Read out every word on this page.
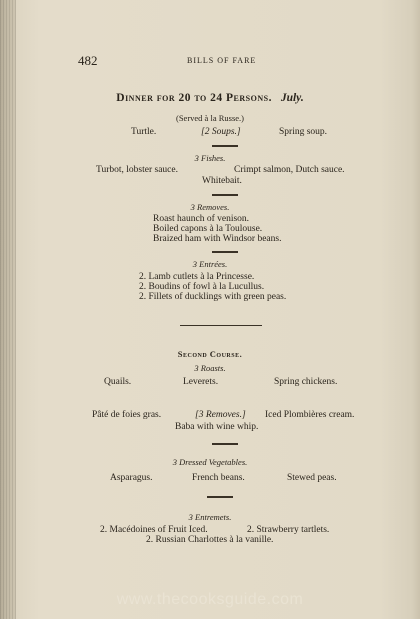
482	BILLS OF FARE
Dinner for 20 to 24 Persons. July.
(Served à la Russe.)
Turtle.	[2 Soups.]	Spring soup.
3 Fishes.
Turbot, lobster sauce.	Crimpt salmon, Dutch sauce.
Whitebait.
3 Removes.
Roast haunch of venison.
Boiled capons à la Toulouse.
Braized ham with Windsor beans.
3 Entrées.
2. Lamb cutlets à la Princesse.
2. Boudins of fowl à la Lucullus.
2. Fillets of ducklings with green peas.
Second Course.
3 Roasts.
Quails.	Leverets.	Spring chickens.
Pâté de foies gras.	[3 Removes.] Iced Plombières cream.
Baba with wine whip.
3 Dressed Vegetables.
Asparagus.	French beans.	Stewed peas.
3 Entremets.
2. Macédoines of Fruit Iced.	2. Strawberry tartlets.
2. Russian Charlottes à la vanille.
www.thecooksguide.com
